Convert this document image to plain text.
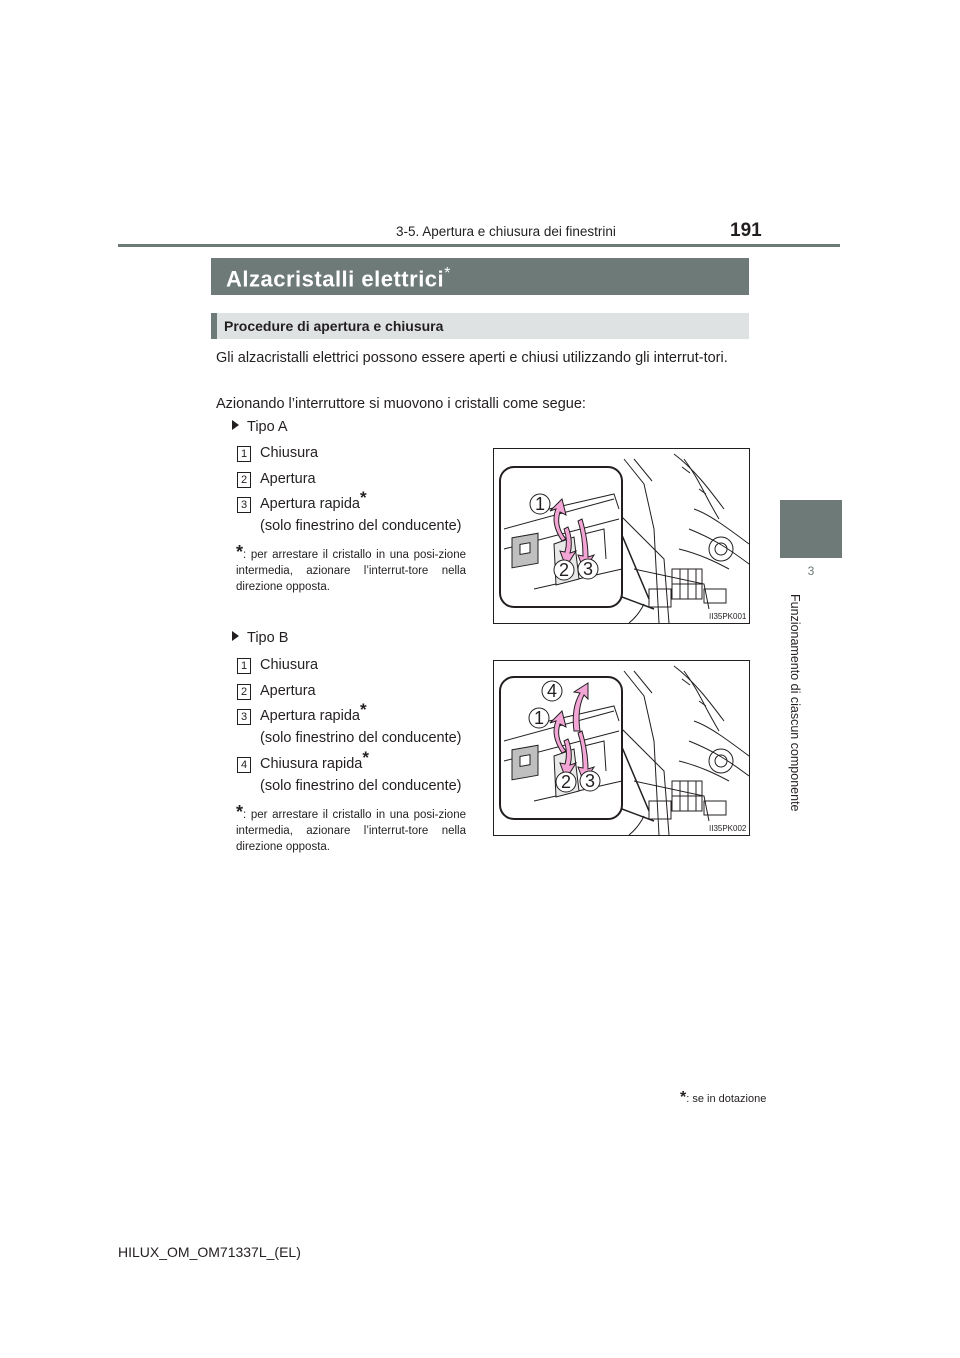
3-5. Apertura e chiusura dei finestrini	191
3
Funzionamento di ciascun componente
Alzacristalli elettrici*
Procedure di apertura e chiusura
Gli alzacristalli elettrici possono essere aperti e chiusi utilizzando gli interrut-tori.
Azionando l’interruttore si muovono i cristalli come segue:
Tipo A
1 Chiusura
2 Apertura
3 Apertura rapida*
(solo finestrino del conducente)
*: per arrestare il cristallo in una posi-zione intermedia, azionare l’interrut-tore nella direzione opposta.
1
2 3
II35PK001
Tipo B
1 Chiusura
2 Apertura
3 Apertura rapida*
(solo finestrino del conducente)
4 Chiusura rapida*
(solo finestrino del conducente)
*: per arrestare il cristallo in una posi-zione intermedia, azionare l’interrut-tore nella direzione opposta.
4
1
2 3
II35PK002
*: se in dotazione
HILUX_OM_OM71337L_(EL)
